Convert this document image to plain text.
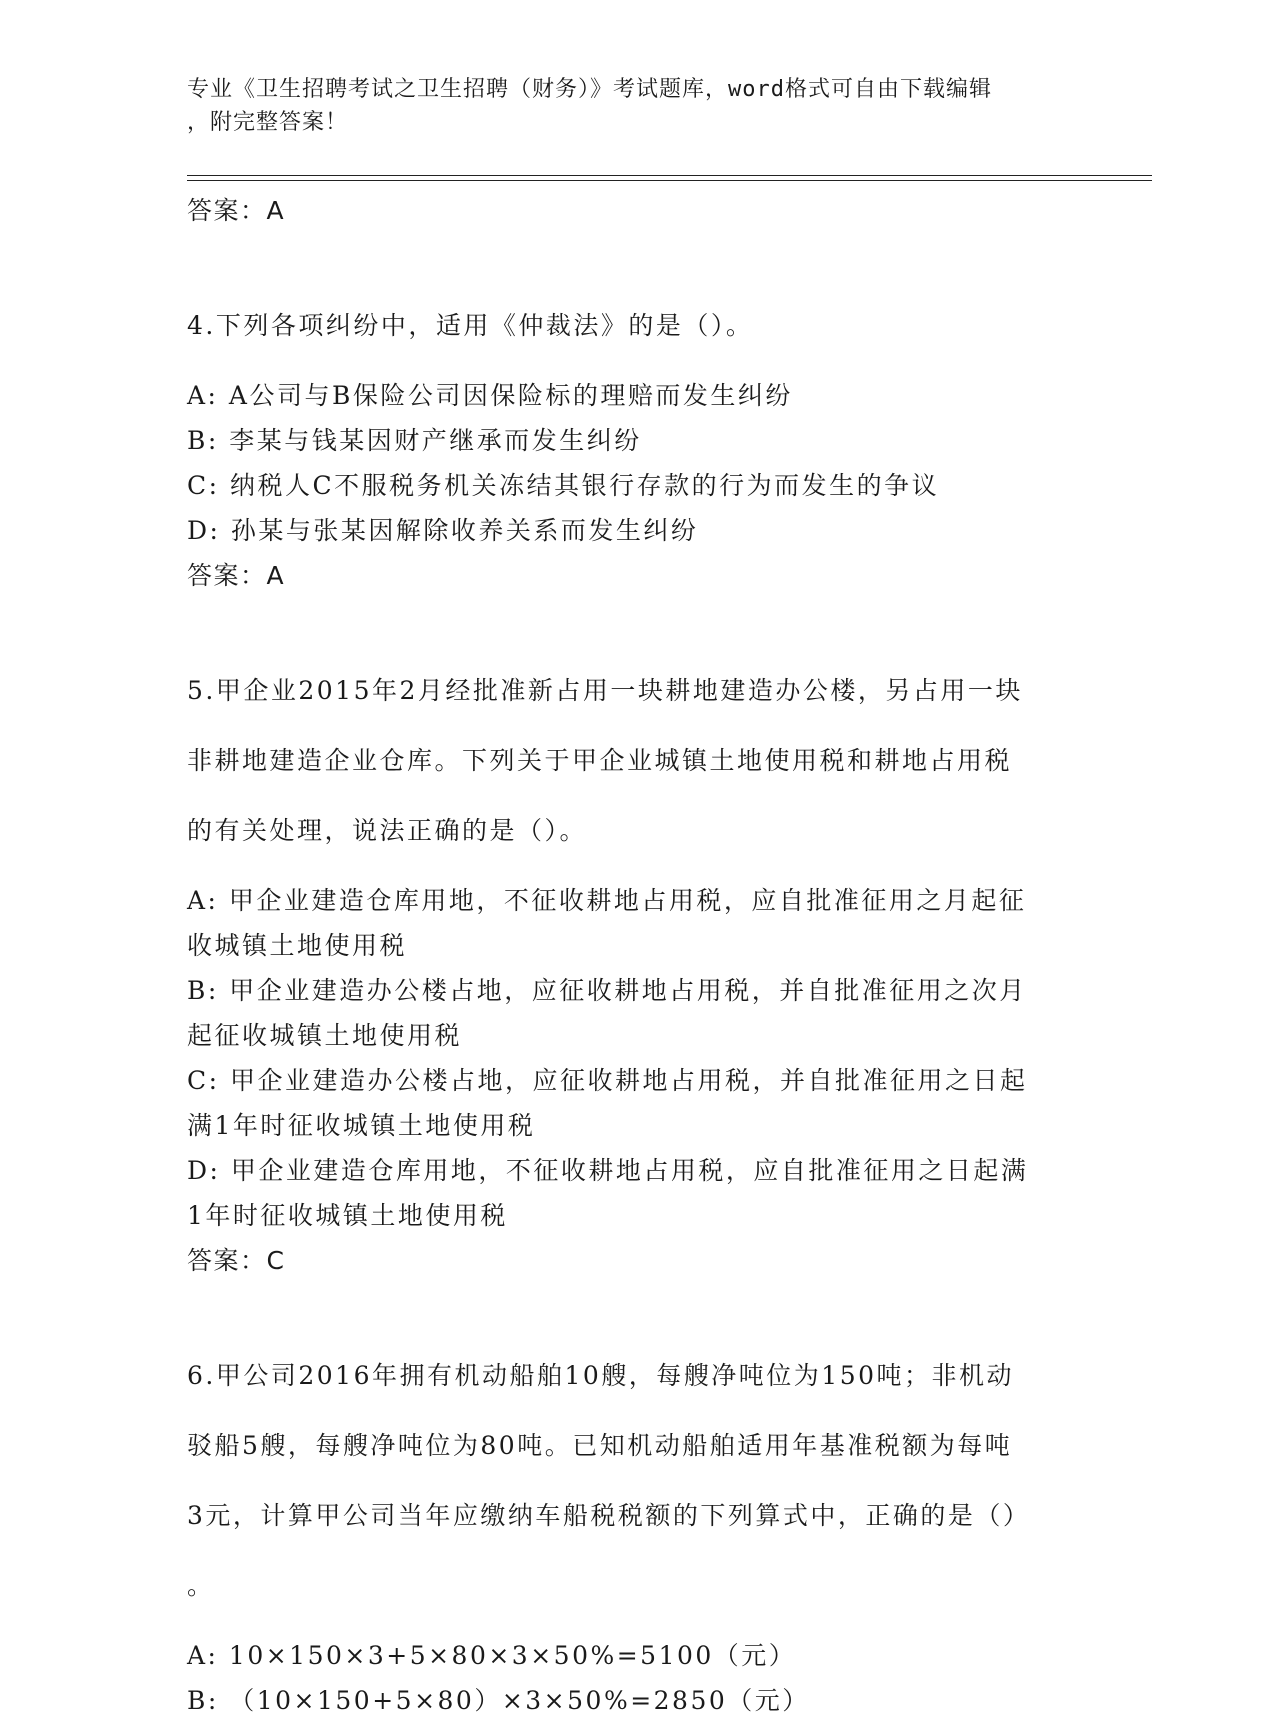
专业《卫生招聘考试之卫生招聘（财务）》考试题库，word格式可自由下载编辑
，附完整答案！

答案：A

4.下列各项纠纷中，适用《仲裁法》的是（）。

A: A公司与B保险公司因保险标的理赔而发生纠纷

B: 李某与钱某因财产继承而发生纠纷

C: 纳税人C不服税务机关冻结其银行存款的行为而发生的争议

D: 孙某与张某因解除收养关系而发生纠纷

答案：A

5.甲企业2015年2月经批准新占用一块耕地建造办公楼，另占用一块

非耕地建造企业仓库。下列关于甲企业城镇土地使用税和耕地占用税

的有关处理，说法正确的是（）。

A: 甲企业建造仓库用地，不征收耕地占用税，应自批准征用之月起征

收城镇土地使用税

B: 甲企业建造办公楼占地，应征收耕地占用税，并自批准征用之次月

起征收城镇土地使用税

C: 甲企业建造办公楼占地，应征收耕地占用税，并自批准征用之日起

满1年时征收城镇土地使用税

D: 甲企业建造仓库用地，不征收耕地占用税，应自批准征用之日起满

1年时征收城镇土地使用税

答案：C

6.甲公司2016年拥有机动船舶10艘，每艘净吨位为150吨；非机动

驳船5艘，每艘净吨位为80吨。已知机动船舶适用年基准税额为每吨

3元，计算甲公司当年应缴纳车船税税额的下列算式中，正确的是（）

。

A: 10×150×3+5×80×3×50%=5100（元）

B: （10×150+5×80）×3×50%=2850（元）
